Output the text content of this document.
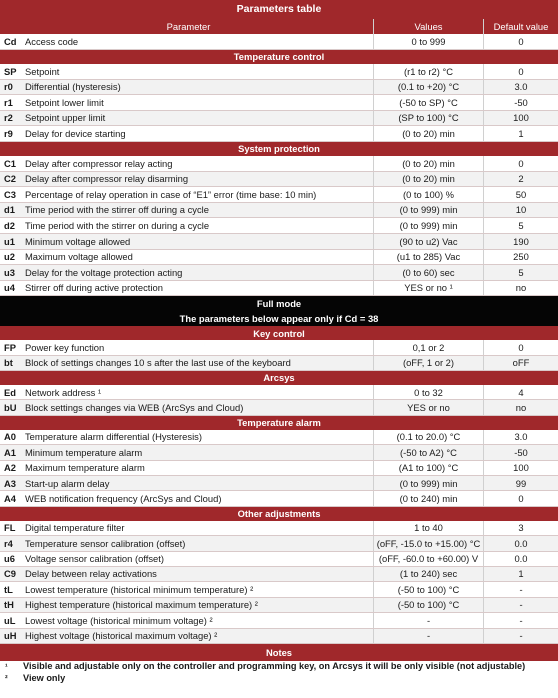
Parameters table
Parameter	Values	Default value
Cd Access code	0 to 999	0
Temperature control
SP Setpoint	(r1 to r2) °C	0
r0	Differential (hysteresis)	(0.1 to +20) °C	3.0
r1	Setpoint lower limit	(-50 to SP) °C	-50
r2	Setpoint upper limit	(SP to 100) °C	100
r9	Delay for device starting	(0 to 20) min	1
System protection
C1 Delay after compressor relay acting	(0 to 20) min	0
C2 Delay after compressor relay disarming	(0 to 20) min	2
C3 Percentage of relay operation in case of “E1” error (time base: 10 min)	(0 to 100) %	50
d1	Time period with the stirrer off during a cycle	(0 to 999) min	10
d2	Time period with the stirrer on during a cycle	(0 to 999) min	5
u1	Minimum voltage allowed	(90 to u2) Vac	190
u2	Maximum voltage allowed	(u1 to 285) Vac	250
u3	Delay for the voltage protection acting	(0 to 60) sec	5
u4	Stirrer off during active protection	YES or no ¹	no
Full mode
The parameters below appear only if Cd = 38
Key control
FP Power key function	0,1 or 2	0
bt	Block of settings changes 10 s after the last use of the keyboard	(oFF, 1 or 2)	oFF
Arcsys
Ed Network address ¹	0 to 32	4
bU Block settings changes via WEB (ArcSys and Cloud)	YES or no	no
Temperature alarm
A0 Temperature alarm differential (Hysteresis)	(0.1 to 20.0) °C	3.0
A1 Minimum temperature alarm	(-50 to A2) °C	-50
A2 Maximum temperature alarm	(A1 to 100) °C	100
A3 Start-up alarm delay	(0 to 999) min	99
A4 WEB notification frequency (ArcSys and Cloud)	(0 to 240) min	0
Other adjustments
FL	Digital temperature filter	1 to 40	3
r4	Temperature sensor calibration (offset)	(oFF, -15.0 to +15.00) °C	0.0
u6	Voltage sensor calibration (offset)	(oFF, -60.0 to +60.00) V	0.0
C9 Delay between relay activations	(1 to 240) sec	1
tL	Lowest temperature (historical minimum temperature) ²	(-50 to 100) °C	-
tH	Highest temperature (historical maximum temperature) ²	(-50 to 100) °C	-
uL	Lowest voltage (historical minimum voltage) ²	-	-
uH Highest voltage (historical maximum voltage) ²	-	-
Notes
¹	Visible and adjustable only on the controller and programming key, on Arcsys it will be only visible (not adjustable)
²	View only
